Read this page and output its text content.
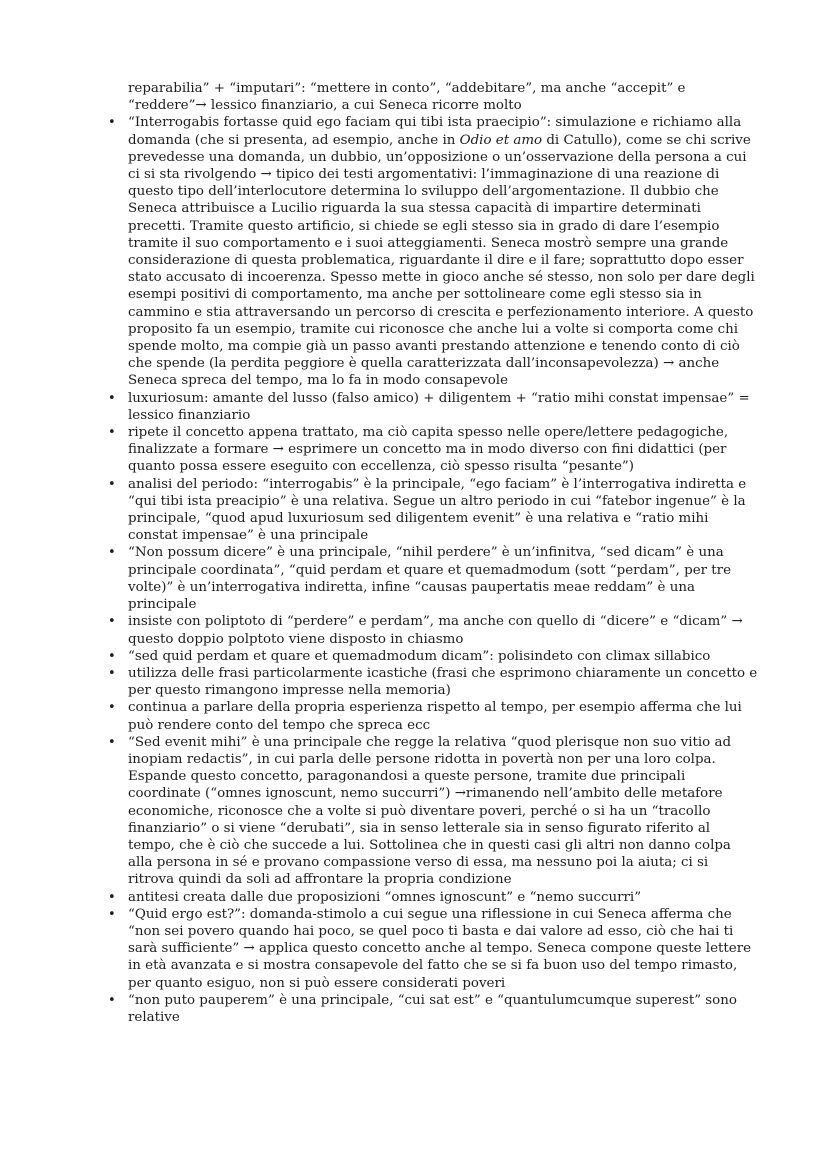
reparabilia” + “imputari”: “mettere in conto”, “addebitare”, ma anche “accepit” e “reddere”→ lessico finanziario, a cui Seneca ricorre molto

• “Interrogabis fortasse quid ego faciam qui tibi ista praecipio”: simulazione e richiamo alla domanda (che si presenta, ad esempio, anche in Odio et amo di Catullo), come se chi scrive prevedesse una domanda, un dubbio, un’opposizione o un’osservazione della persona a cui ci si sta rivolgendo → tipico dei testi argomentativi: l’immaginazione di una reazione di questo tipo dell’interlocutore determina lo sviluppo dell’argomentazione. Il dubbio che Seneca attribuisce a Lucilio riguarda la sua stessa capacità di impartire determinati precetti. Tramite questo artificio, si chiede se egli stesso sia in grado di dare l’esempio tramite il suo comportamento e i suoi atteggiamenti. Seneca mostrò sempre una grande considerazione di questa problematica, riguardante il dire e il fare; soprattutto dopo esser stato accusato di incoerenza. Spesso mette in gioco anche sé stesso, non solo per dare degli esempi positivi di comportamento, ma anche per sottolineare come egli stesso sia in cammino e stia attraversando un percorso di crescita e perfezionamento interiore. A questo proposito fa un esempio, tramite cui riconosce che anche lui a volte si comporta come chi spende molto, ma compie già un passo avanti prestando attenzione e tenendo conto di ciò che spende (la perdita peggiore è quella caratterizzata dall’inconsapevolezza) → anche Seneca spreca del tempo, ma lo fa in modo consapevole
• luxuriosum: amante del lusso (falso amico) + diligentem + “ratio mihi constat impensae” = lessico finanziario
• ripete il concetto appena trattato, ma ciò capita spesso nelle opere/lettere pedagogiche, finalizzate a formare → esprimere un concetto ma in modo diverso con fini didattici (per quanto possa essere eseguito con eccellenza, ciò spesso risulta “pesante”)
• analisi del periodo: “interrogabis” è la principale, “ego faciam” è l’interrogativa indiretta e “qui tibi ista preacipio” è una relativa. Segue un altro periodo in cui “fatebor ingenue” è la principale, “quod apud luxuriosum sed diligentem evenit” è una relativa e “ratio mihi constat impensae” è una principale
• “Non possum dicere” è una principale, “nihil perdere” è un’infinitva, “sed dicam” è una principale coordinata”, “quid perdam et quare et quemadmodum (sott “perdam”, per tre volte)” è un’interrogativa indiretta, infine “causas paupertatis meae reddam” è una principale
• insiste con poliptoto di “perdere” e perdam”, ma anche con quello di “dicere” e “dicam” → questo doppio polptoto viene disposto in chiasmo
• “sed quid perdam et quare et quemadmodum dicam”: polisindeto con climax sillabico
• utilizza delle frasi particolarmente icastiche (frasi che esprimono chiaramente un concetto e per questo rimangono impresse nella memoria)
• continua a parlare della propria esperienza rispetto al tempo, per esempio afferma che lui può rendere conto del tempo che spreca ecc
• “Sed evenit mihi” è una principale che regge la relativa “quod plerisque non suo vitio ad inopiam redactis”, in cui parla delle persone ridotta in povertà non per una loro colpa. Espande questo concetto, paragonandosi a queste persone, tramite due principali coordinate (“omnes ignoscunt, nemo succurri”) →rimanendo nell’ambito delle metafore economiche, riconosce che a volte si può diventare poveri, perché o si ha un “tracollo finanziario” o si viene “derubati”, sia in senso letterale sia in senso figurato riferito al tempo, che è ciò che succede a lui. Sottolinea che in questi casi gli altri non danno colpa alla persona in sé e provano compassione verso di essa, ma nessuno poi la aiuta; ci si ritrova quindi da soli ad affrontare la propria condizione
• antitesi creata dalle due proposizioni “omnes ignoscunt” e “nemo succurri”
• “Quid ergo est?”: domanda-stimolo a cui segue una riflessione in cui Seneca afferma che “non sei povero quando hai poco, se quel poco ti basta e dai valore ad esso, ciò che hai ti sarà sufficiente” → applica questo concetto anche al tempo. Seneca compone queste lettere in età avanzata e si mostra consapevole del fatto che se si fa buon uso del tempo rimasto, per quanto esiguo, non si può essere considerati poveri
• “non puto pauperem” è una principale, “cui sat est” e “quantulumcumque superest” sono relative
